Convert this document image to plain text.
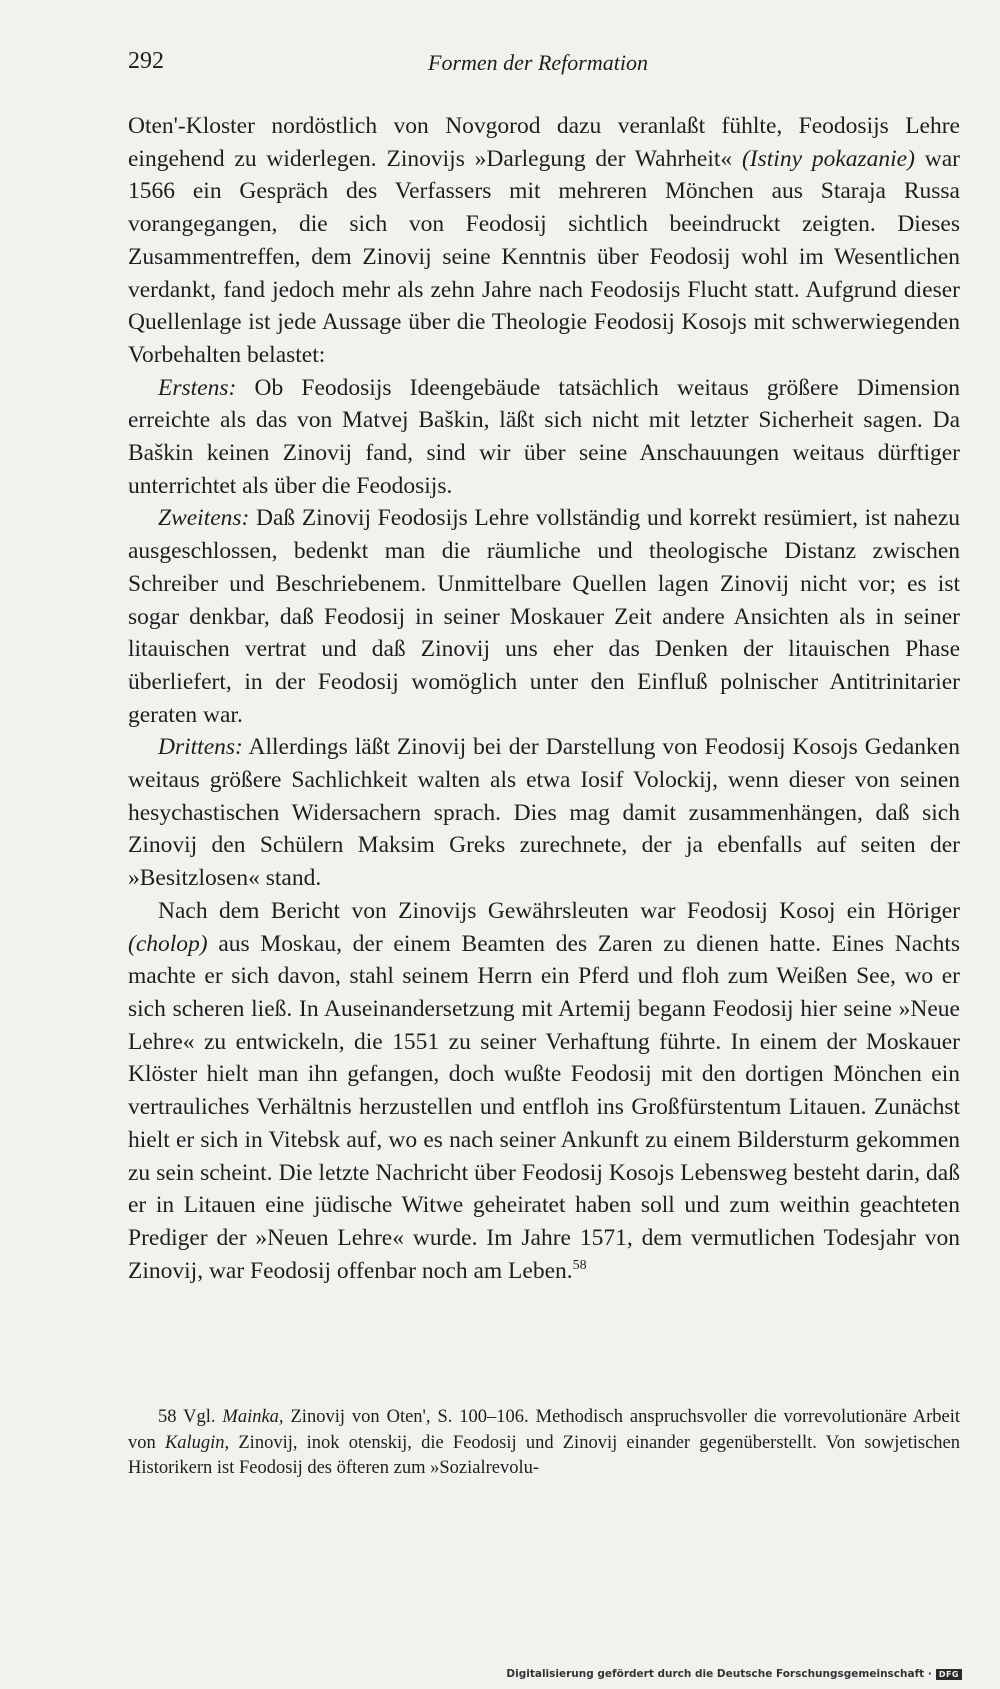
292	Formen der Reformation

Oten'-Kloster nordöstlich von Novgorod dazu veranlaßt fühlte, Feodosijs Lehre eingehend zu widerlegen. Zinovijs »Darlegung der Wahrheit« (Istiny pokazanie) war 1566 ein Gespräch des Verfassers mit mehreren Mönchen aus Staraja Russa vorangegangen, die sich von Feodosij sichtlich beeindruckt zeigten. Dieses Zusammentreffen, dem Zinovij seine Kenntnis über Feodosij wohl im Wesentlichen verdankt, fand jedoch mehr als zehn Jahre nach Feodosijs Flucht statt. Aufgrund dieser Quellenlage ist jede Aussage über die Theologie Feodosij Kosojs mit schwerwiegenden Vorbehalten belastet:

Erstens: Ob Feodosijs Ideengebäude tatsächlich weitaus größere Dimension erreichte als das von Matvej Baškin, läßt sich nicht mit letzter Sicherheit sagen. Da Baškin keinen Zinovij fand, sind wir über seine Anschauungen weitaus dürftiger unterrichtet als über die Feodosijs.

Zweitens: Daß Zinovij Feodosijs Lehre vollständig und korrekt resümiert, ist nahezu ausgeschlossen, bedenkt man die räumliche und theologische Distanz zwischen Schreiber und Beschriebenem. Unmittelbare Quellen lagen Zinovij nicht vor; es ist sogar denkbar, daß Feodosij in seiner Moskauer Zeit andere Ansichten als in seiner litauischen vertrat und daß Zinovij uns eher das Denken der litauischen Phase überliefert, in der Feodosij womöglich unter den Einfluß polnischer Antitrinitarier geraten war.

Drittens: Allerdings läßt Zinovij bei der Darstellung von Feodosij Kosojs Gedanken weitaus größere Sachlichkeit walten als etwa Iosif Volockij, wenn dieser von seinen hesychastischen Widersachern sprach. Dies mag damit zusammenhängen, daß sich Zinovij den Schülern Maksim Greks zurechnete, der ja ebenfalls auf seiten der »Besitzlosen« stand.

Nach dem Bericht von Zinovijs Gewährsleuten war Feodosij Kosoj ein Höriger (cholop) aus Moskau, der einem Beamten des Zaren zu dienen hatte. Eines Nachts machte er sich davon, stahl seinem Herrn ein Pferd und floh zum Weißen See, wo er sich scheren ließ. In Auseinandersetzung mit Artemij begann Feodosij hier seine »Neue Lehre« zu entwickeln, die 1551 zu seiner Verhaftung führte. In einem der Moskauer Klöster hielt man ihn gefangen, doch wußte Feodosij mit den dortigen Mönchen ein vertrauliches Verhältnis herzustellen und entfloh ins Großfürstentum Litauen. Zunächst hielt er sich in Vitebsk auf, wo es nach seiner Ankunft zu einem Bildersturm gekommen zu sein scheint. Die letzte Nachricht über Feodosij Kosojs Lebensweg besteht darin, daß er in Litauen eine jüdische Witwe geheiratet haben soll und zum weithin geachteten Prediger der »Neuen Lehre« wurde. Im Jahre 1571, dem vermutlichen Todesjahr von Zinovij, war Feodosij offenbar noch am Leben.$^{58}$

58 Vgl. Mainka, Zinovij von Oten', S. 100–106. Methodisch anspruchsvoller die vorrevolutionäre Arbeit von Kalugin, Zinovij, inok otenskij, die Feodosij und Zinovij einander gegenüberstellt. Von sowjetischen Historikern ist Feodosij des öfteren zum »Sozialrevolu-

Digitalisierung gefördert durch die Deutsche Forschungsgemeinschaft · DFG
